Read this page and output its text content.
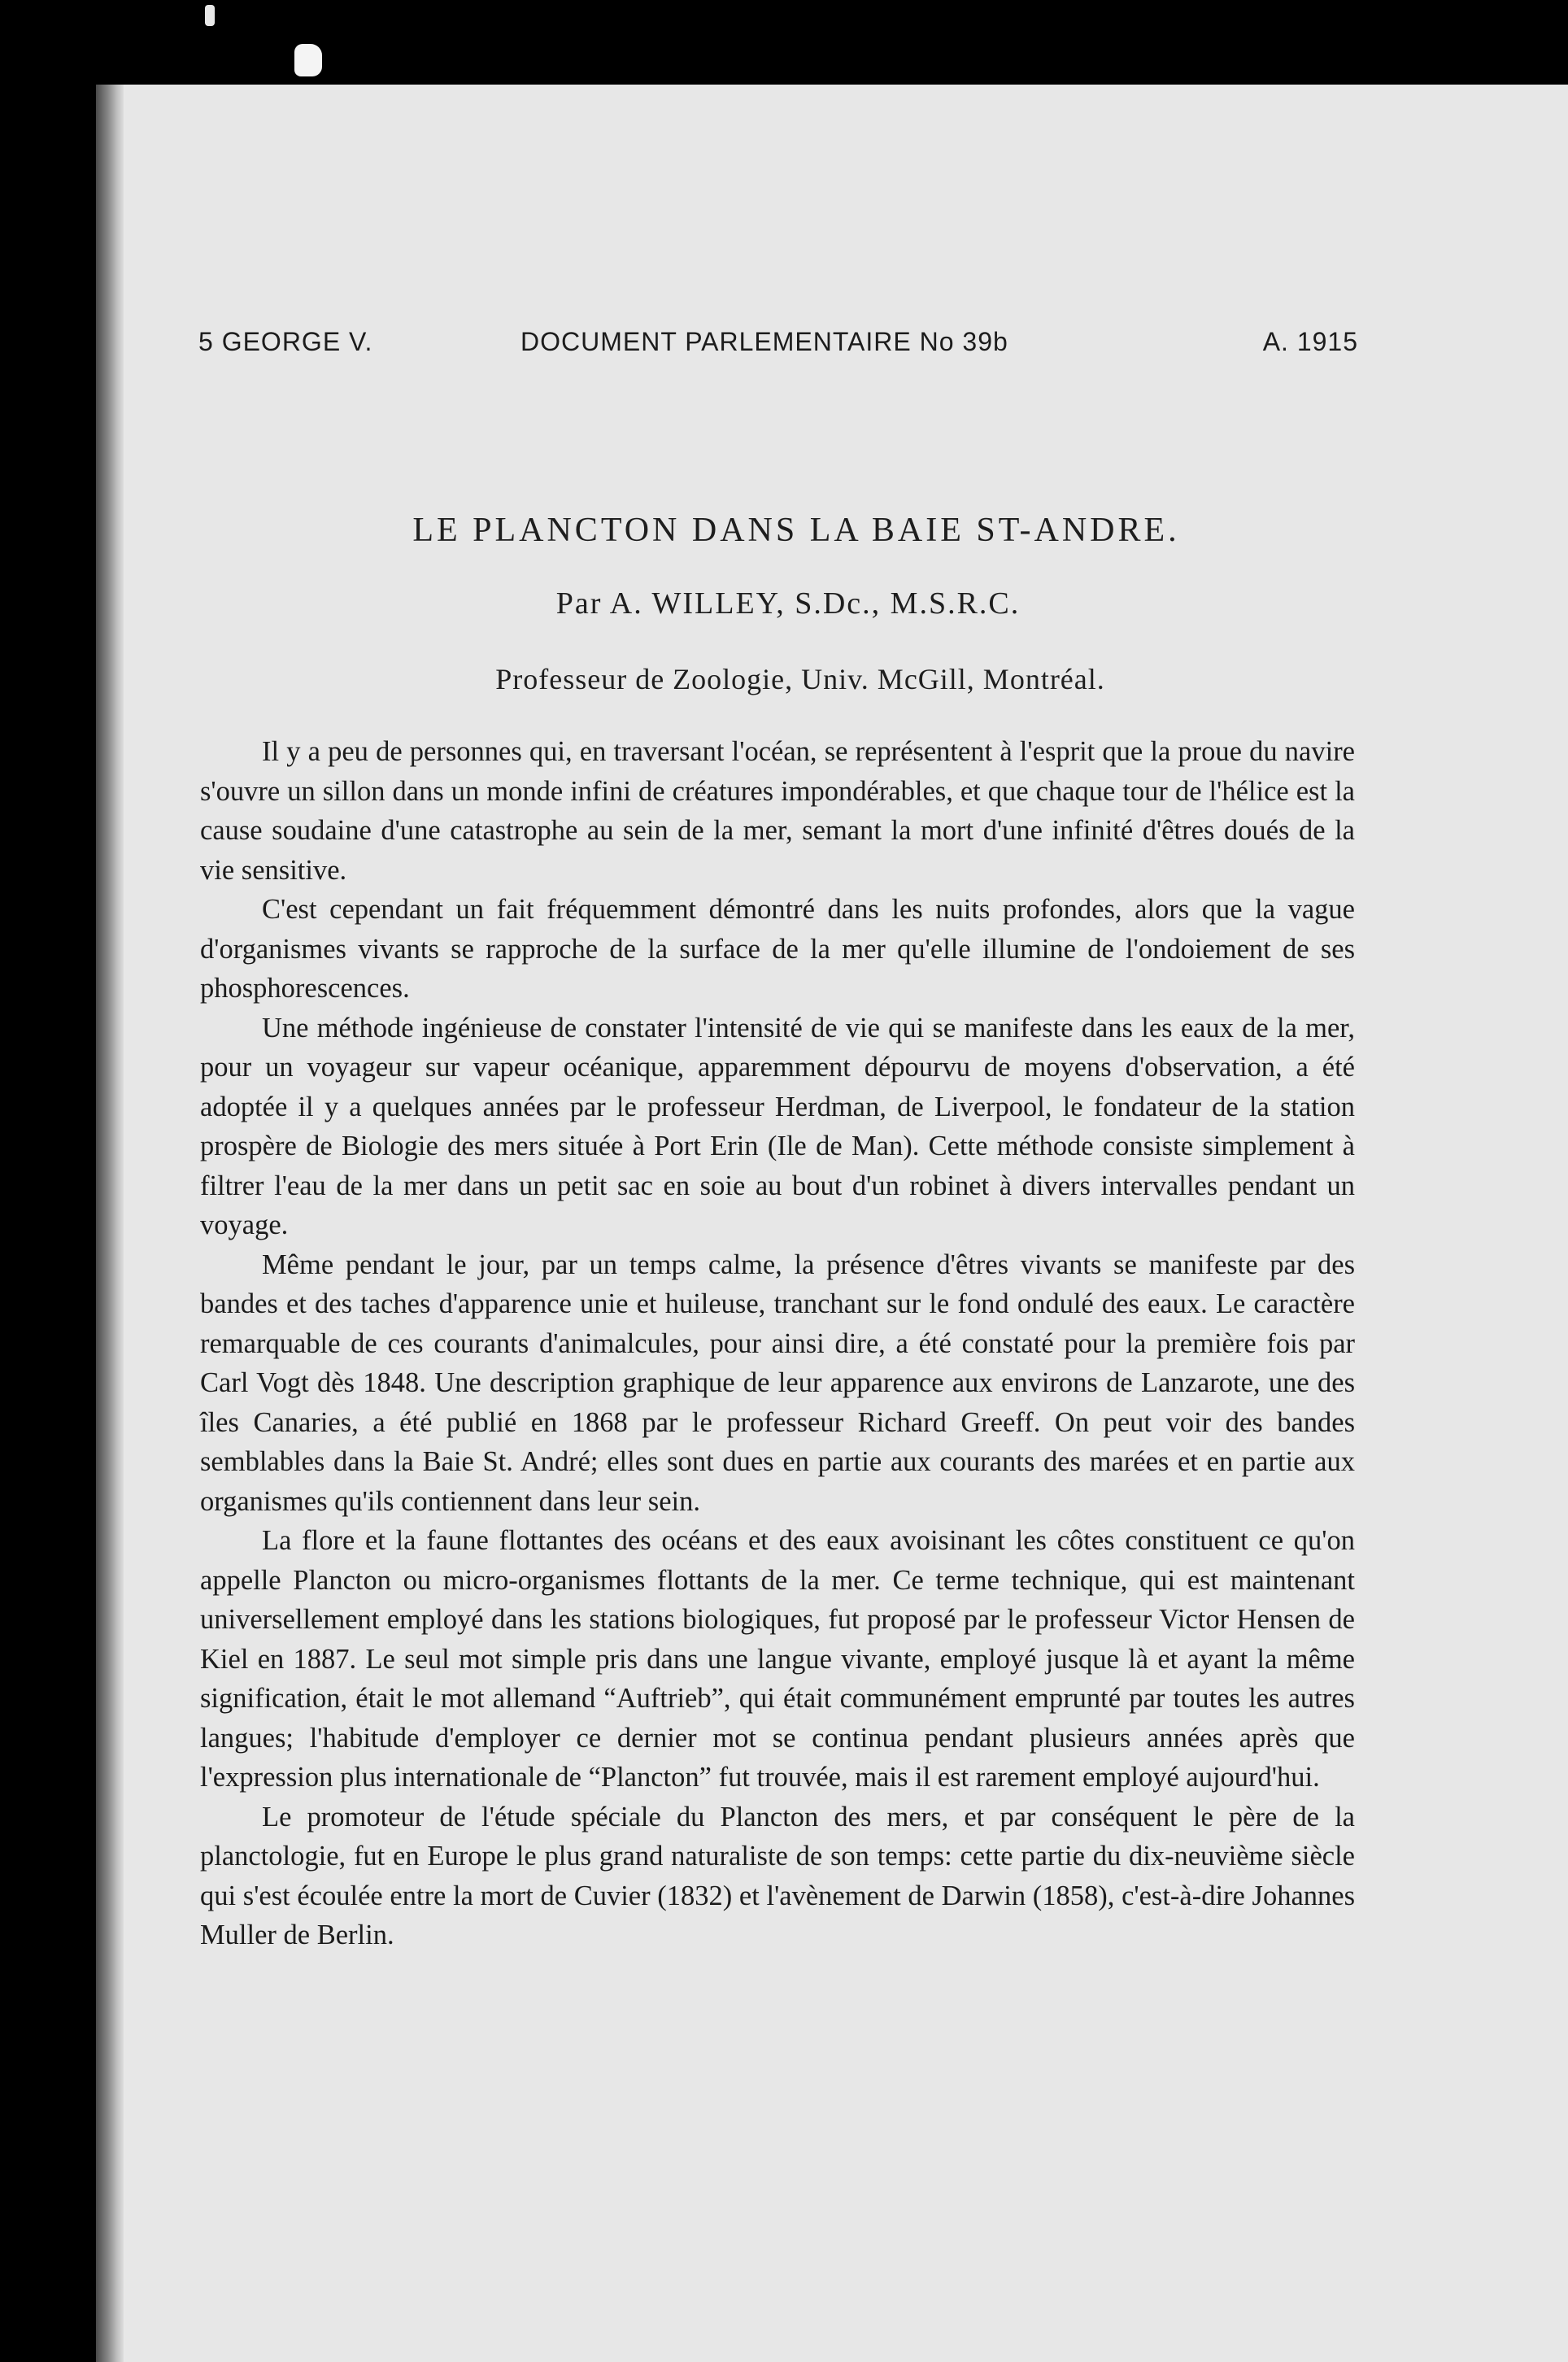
5 GEORGE V.	DOCUMENT PARLEMENTAIRE No 39b	A. 1915
LE PLANCTON DANS LA BAIE ST-ANDRE.
Par A. WILLEY, S.Dc., M.S.R.C.
Professeur de Zoologie, Univ. McGill, Montréal.

Il y a peu de personnes qui, en traversant l'océan, se représentent à l'esprit que la proue du navire s'ouvre un sillon dans un monde infini de créatures impondérables, et que chaque tour de l'hélice est la cause soudaine d'une catastrophe au sein de la mer, semant la mort d'une infinité d'êtres doués de la vie sensitive.

C'est cependant un fait fréquemment démontré dans les nuits profondes, alors que la vague d'organismes vivants se rapproche de la surface de la mer qu'elle illumine de l'ondoiement de ses phosphorescences.

Une méthode ingénieuse de constater l'intensité de vie qui se manifeste dans les eaux de la mer, pour un voyageur sur vapeur océanique, apparemment dépourvu de moyens d'observation, a été adoptée il y a quelques années par le professeur Herdman, de Liverpool, le fondateur de la station prospère de Biologie des mers située à Port Erin (Ile de Man). Cette méthode consiste simplement à filtrer l'eau de la mer dans un petit sac en soie au bout d'un robinet à divers intervalles pendant un voyage.

Même pendant le jour, par un temps calme, la présence d'êtres vivants se manifeste par des bandes et des taches d'apparence unie et huileuse, tranchant sur le fond ondulé des eaux. Le caractère remarquable de ces courants d'animalcules, pour ainsi dire, a été constaté pour la première fois par Carl Vogt dès 1848. Une description graphique de leur apparence aux environs de Lanzarote, une des îles Canaries, a été publié en 1868 par le professeur Richard Greeff. On peut voir des bandes semblables dans la Baie St. André; elles sont dues en partie aux courants des marées et en partie aux organismes qu'ils contiennent dans leur sein.

La flore et la faune flottantes des océans et des eaux avoisinant les côtes constituent ce qu'on appelle Plancton ou micro-organismes flottants de la mer. Ce terme technique, qui est maintenant universellement employé dans les stations biologiques, fut proposé par le professeur Victor Hensen de Kiel en 1887. Le seul mot simple pris dans une langue vivante, employé jusque là et ayant la même signification, était le mot allemand “Auftrieb”, qui était communément emprunté par toutes les autres langues; l'habitude d'employer ce dernier mot se continua pendant plusieurs années après que l'expression plus internationale de “Plancton” fut trouvée, mais il est rarement employé aujourd'hui.

Le promoteur de l'étude spéciale du Plancton des mers, et par conséquent le père de la planctologie, fut en Europe le plus grand naturaliste de son temps: cette partie du dix-neuvième siècle qui s'est écoulée entre la mort de Cuvier (1832) et l'avènement de Darwin (1858), c'est-à-dire Johannes Muller de Berlin.
